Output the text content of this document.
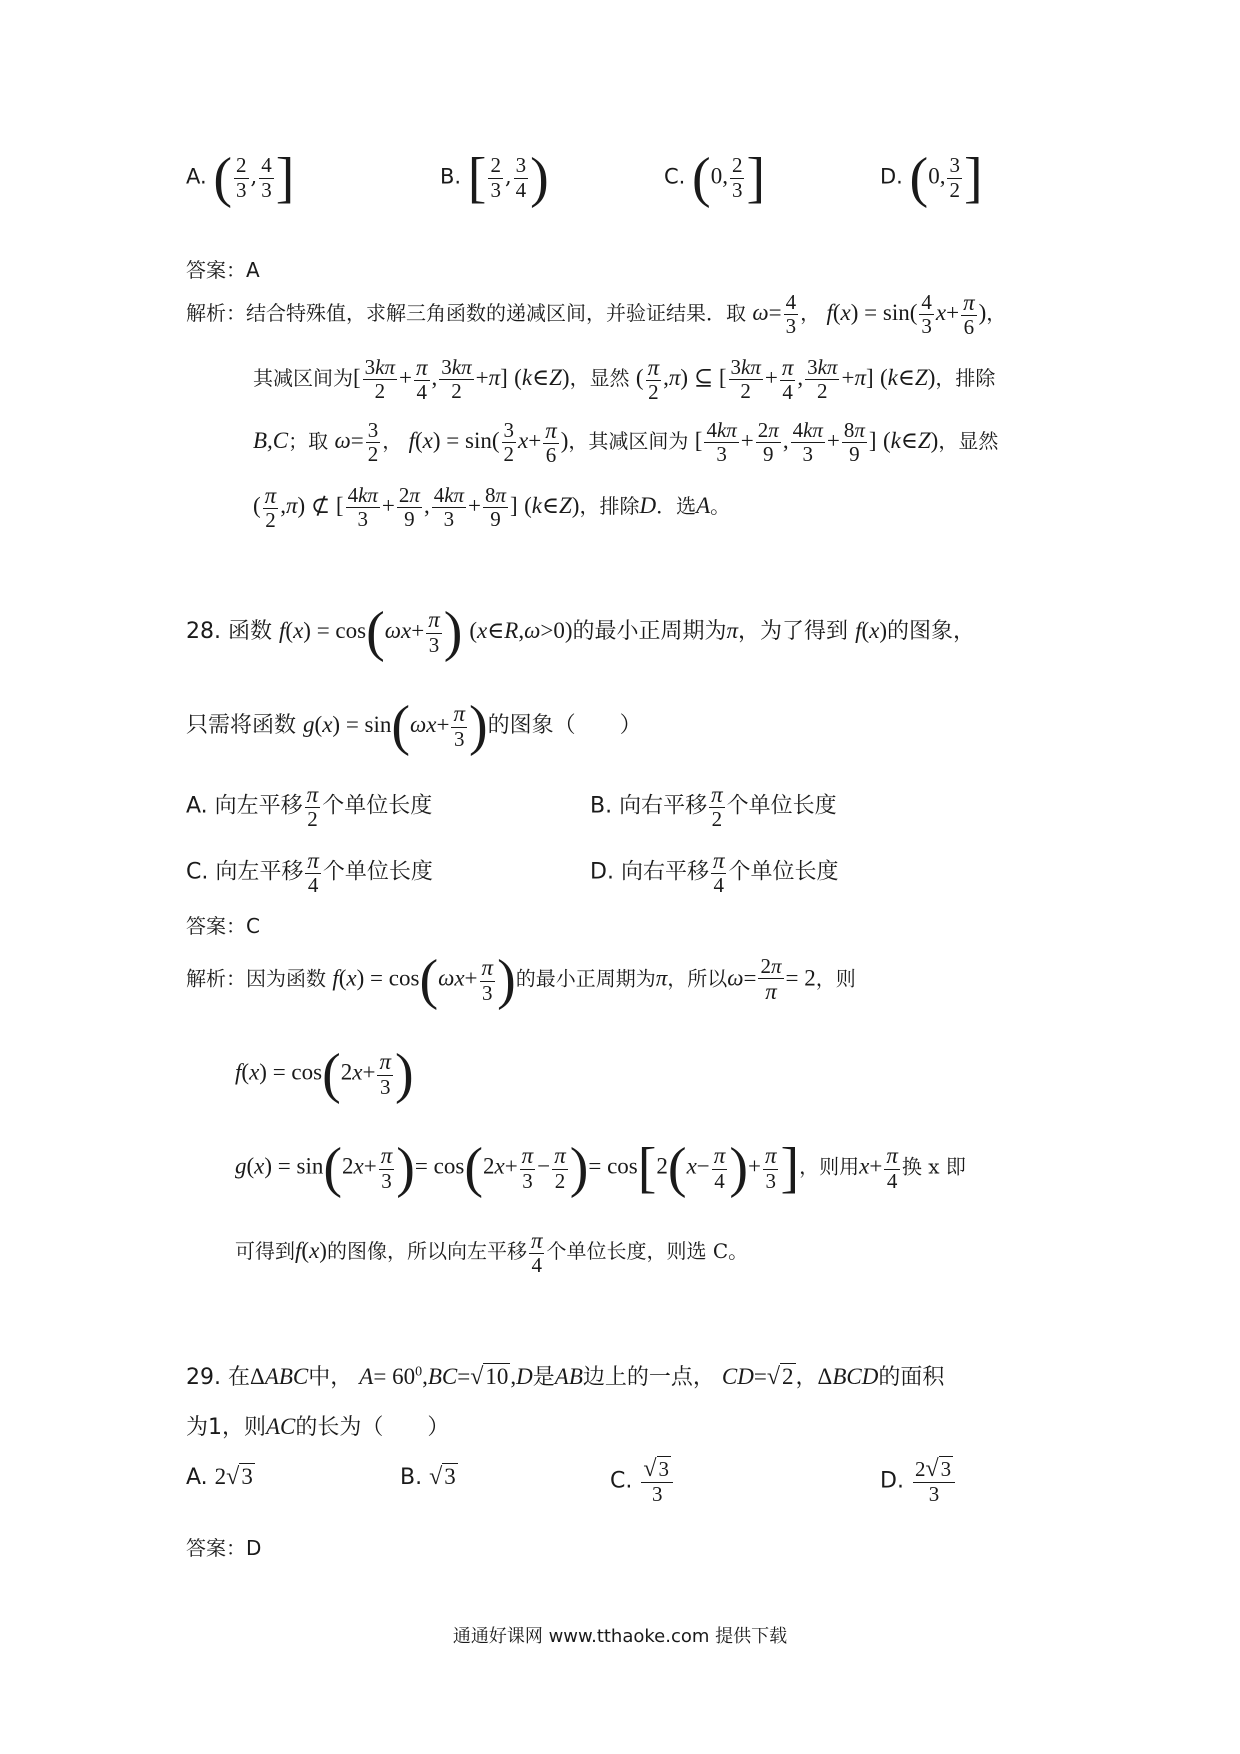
A. ( $\frac{2}{3}$ , $\frac{4}{3}$ ]	B. [ $\frac{2}{3}$ , $\frac{3}{4}$ )	C. (0, $\frac{2}{3}$ ]	D. (0, $\frac{3}{2}$ ]
答案：A
解析：结合特殊值，求解三角函数的递减区间，并验证结果．取 $\omega= \frac{4}{3}$ ， $f(x) = \sin( \frac{4}{3} x+ \frac{\pi}{6}$ )，
其减区间为[ $\frac{3k\pi}{2} + \frac{\pi}{4}$ , $\frac{3k\pi}{2} +\pi$] (k∈Z)，显然 ( $\frac{\pi}{2} ,\pi$) ⊆ [ $\frac{3k\pi}{2} + \frac{\pi}{4}$ , $\frac{3k\pi}{2} +\pi$] (k∈Z)，排除
B,C；取 $\omega= \frac{3}{2}$ ， $f(x) = \sin( \frac{3}{2} x+ \frac{\pi}{6}$ )，其减区间为 [ $\frac{4k\pi}{3} + \frac{2\pi}{9}$ , $\frac{4k\pi}{3} + \frac{8\pi}{9}$ ] (k∈Z)，显然
( $\frac{\pi}{2} ,\pi$) ⊄ [ $\frac{4k\pi}{3} + \frac{2\pi}{9}$ , $\frac{4k\pi}{3} + \frac{8\pi}{9}$ ] (k∈Z)，排除D．选A。
28. 函数 $f(x) = \cos(\omega x+ \frac{\pi}{3}$ ) (x∈R,ω>0)的最小正周期为π，为了得到 f(x)的图象，
只需将函数 $g(x) = \sin(\omega x+ \frac{\pi}{3}$ )的图象（　　）
A. 向左平移 $\frac{\pi}{2}$ 个单位长度	B. 向右平移 $\frac{\pi}{2}$ 个单位长度
C. 向左平移 $\frac{\pi}{4}$ 个单位长度	D. 向右平移 $\frac{\pi}{4}$ 个单位长度
答案：C
解析：因为函数 $f(x) = \cos(\omega x+ \frac{\pi}{3}$ )的最小正周期为π，所以$\omega= \frac{2\pi}{\pi} = 2$，则
$f(x) = \cos(2x+ \frac{\pi}{3}$ )
$g(x) = \sin(2x+ \frac{\pi}{3}$ )= $\cos(2x+ \frac{\pi}{3} - \frac{\pi}{2}$ )= $\cos[2(x- \frac{\pi}{4}$ )+ $\frac{\pi}{3}$ ]，则用$x+ \frac{\pi}{4}$ 换 x 即
可得到f(x)的图像，所以向左平移 $\frac{\pi}{4}$ 个单位长度，则选 C。
29. 在ΔABC中， $A= 60^0,BC=√10,D$是AB边上的一点， CD=√2，ΔBCD的面积
为1，则AC的长为（　　）
A. 2√3	B. √3	C. $\frac{√3}{3}$	D. $\frac{2√3}{3}$
答案：D
通通好课网 www.tthaoke.com 提供下载
